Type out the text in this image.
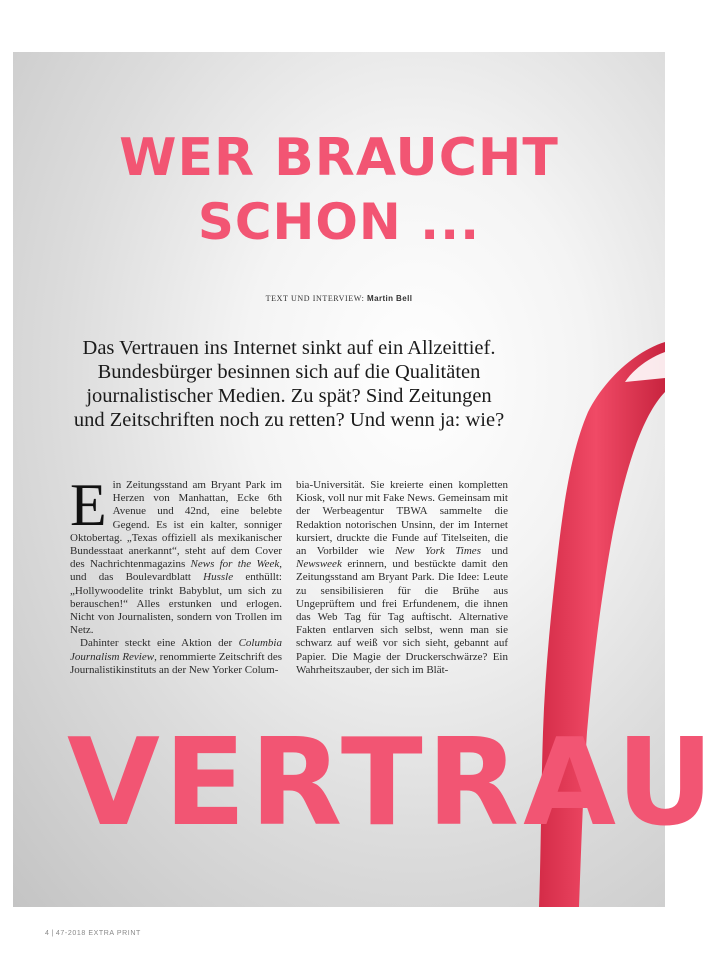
WER BRAUCHT
SCHON ...
TEXT UND INTERVIEW: Martin Bell
Das Vertrauen ins Internet sinkt auf ein Allzeittief.
Bundesbürger besinnen sich auf die Qualitäten
journalistischer Medien. Zu spät? Sind Zeitungen
und Zeitschriften noch zu retten? Und wenn ja: wie?

Ein Zeitungsstand am Bryant Park im Herzen von Manhattan, Ecke 6th Avenue und 42nd, eine belebte Gegend. Es ist ein kalter, sonniger Oktobertag. „Texas offiziell als mexikanischer Bundesstaat anerkannt“, steht auf dem Cover des Nachrichtenmagazins News for the Week, und das Boulevardblatt Hussle enthüllt: „Hollywoodelite trinkt Babyblut, um sich zu berauschen!“ Alles erstunken und erlogen. Nicht von Journalisten, sondern von Trollen im Netz.

Dahinter steckt eine Aktion der Columbia Journalism Review, renommierte Zeitschrift des Journalistikinstituts an der New Yorker Colum-

bia-Universität. Sie kreierte einen kompletten Kiosk, voll nur mit Fake News. Gemeinsam mit der Werbeagentur TBWA sammelte die Redaktion notorischen Unsinn, der im Internet kursiert, druckte die Funde auf Titelseiten, die an Vorbilder wie New York Times und Newsweek erinnern, und bestückte damit den Zeitungsstand am Bryant Park. Die Idee: Leute zu sensibilisieren für die Brühe aus Ungeprüftem und frei Erfundenem, die ihnen das Web Tag für Tag auftischt. Alternative Fakten entlarven sich selbst, wenn man sie schwarz auf weiß vor sich sieht, gebannt auf Papier. Die Magie der Druckerschwärze? Ein Wahrheitszauber, der sich im Blät-

VERTRAU
4 | 47-2018 EXTRA PRINT
